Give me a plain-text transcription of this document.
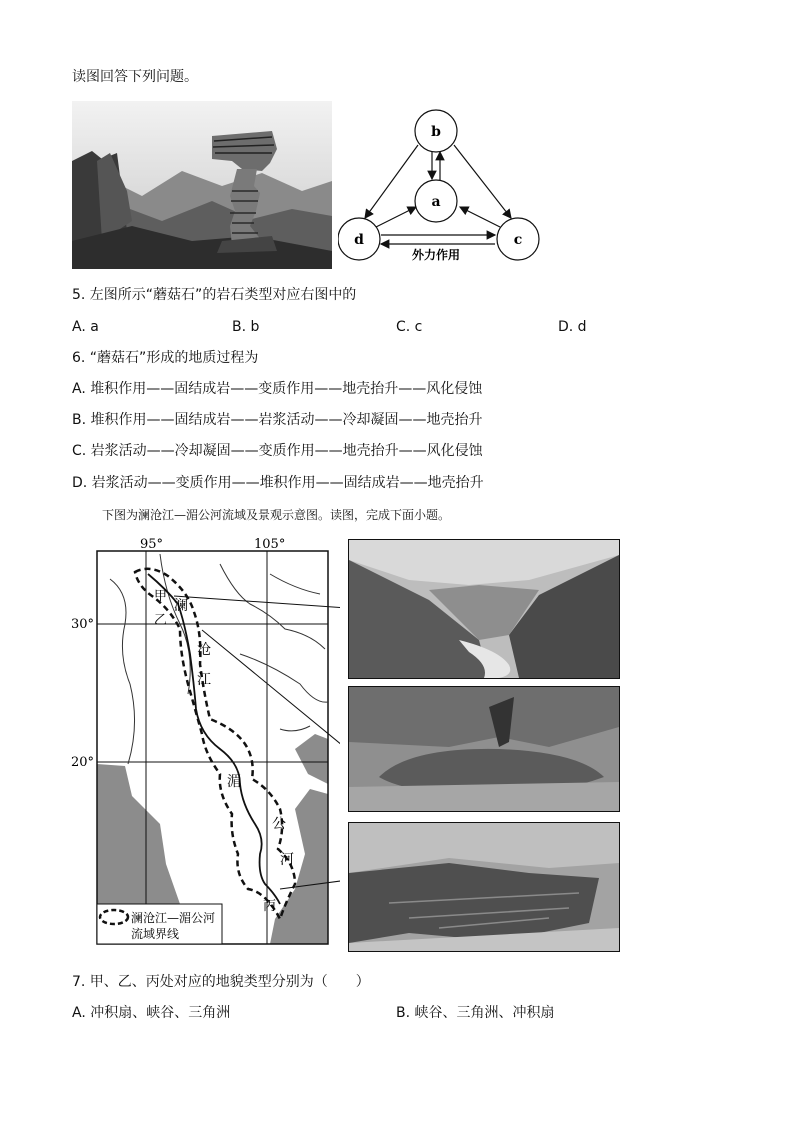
读图回答下列问题。
b
a
d	c
外力作用
5. 左图所示“蘑菇石”的岩石类型对应右图中的
A. a	B. b	C. c	D. d
6. “蘑菇石”形成的地质过程为
A. 堆积作用——固结成岩——变质作用——地壳抬升——风化侵蚀
B. 堆积作用——固结成岩——岩浆活动——冷却凝固——地壳抬升
C. 岩浆活动——冷却凝固——变质作用——地壳抬升——风化侵蚀
D. 岩浆活动——变质作用——堆积作用——固结成岩——地壳抬升
下图为澜沧江—湄公河流域及景观示意图。读图，完成下面小题。
95°	105°
30°
20°
甲
乙
丙
澜
沧
江
湄
公
河
澜沧江—湄公河
流域界线
7. 甲、乙、丙处对应的地貌类型分别为（　　）
A. 冲积扇、峡谷、三角洲	B. 峡谷、三角洲、冲积扇
